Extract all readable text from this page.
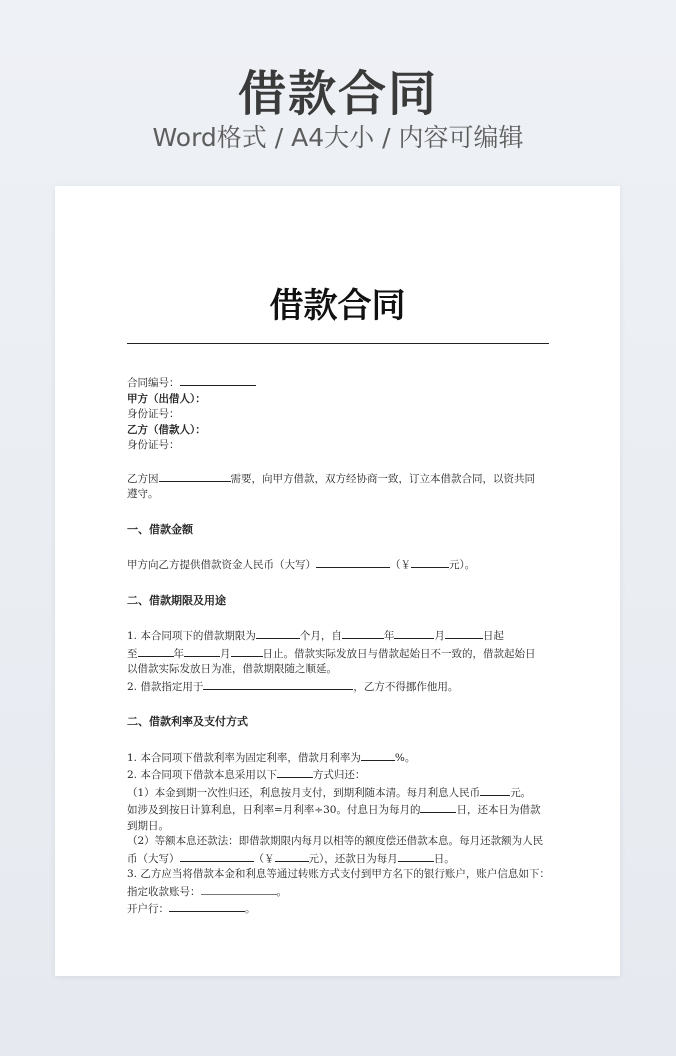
借款合同
Word格式 / A4大小 / 内容可编辑
借款合同
合同编号：
甲方（出借人）：
身份证号：
乙方（借款人）：
身份证号：
乙方因	需要，向甲方借款，双方经协商一致，订立本借款合同，以资共同
遵守。
一、借款金额
甲方向乙方提供借款资金人民币（大写）	（￥	元）。
二、借款期限及用途
1. 本合同项下的借款期限为	个月，自	年	月	日起
至	年	月	日止。借款实际发放日与借款起始日不一致的，借款起始日
以借款实际发放日为准，借款期限随之顺延。
2. 借款指定用于	，乙方不得挪作他用。
二、借款利率及支付方式
1. 本合同项下借款利率为固定利率，借款月利率为	%。
2. 本合同项下借款本息采用以下	方式归还：
（1）本金到期一次性归还，利息按月支付，到期利随本清。每月利息人民币	元。
如涉及到按日计算利息，日利率=月利率÷30。付息日为每月的	日，还本日为借款
到期日。
（2）等额本息还款法：即借款期限内每月以相等的额度偿还借款本息。每月还款额为人民
币（大写）	（￥	元），还款日为每月	日。
3. 乙方应当将借款本金和利息等通过转账方式支付到甲方名下的银行账户，账户信息如下：
指定收款账号：	。
开户行：	。
